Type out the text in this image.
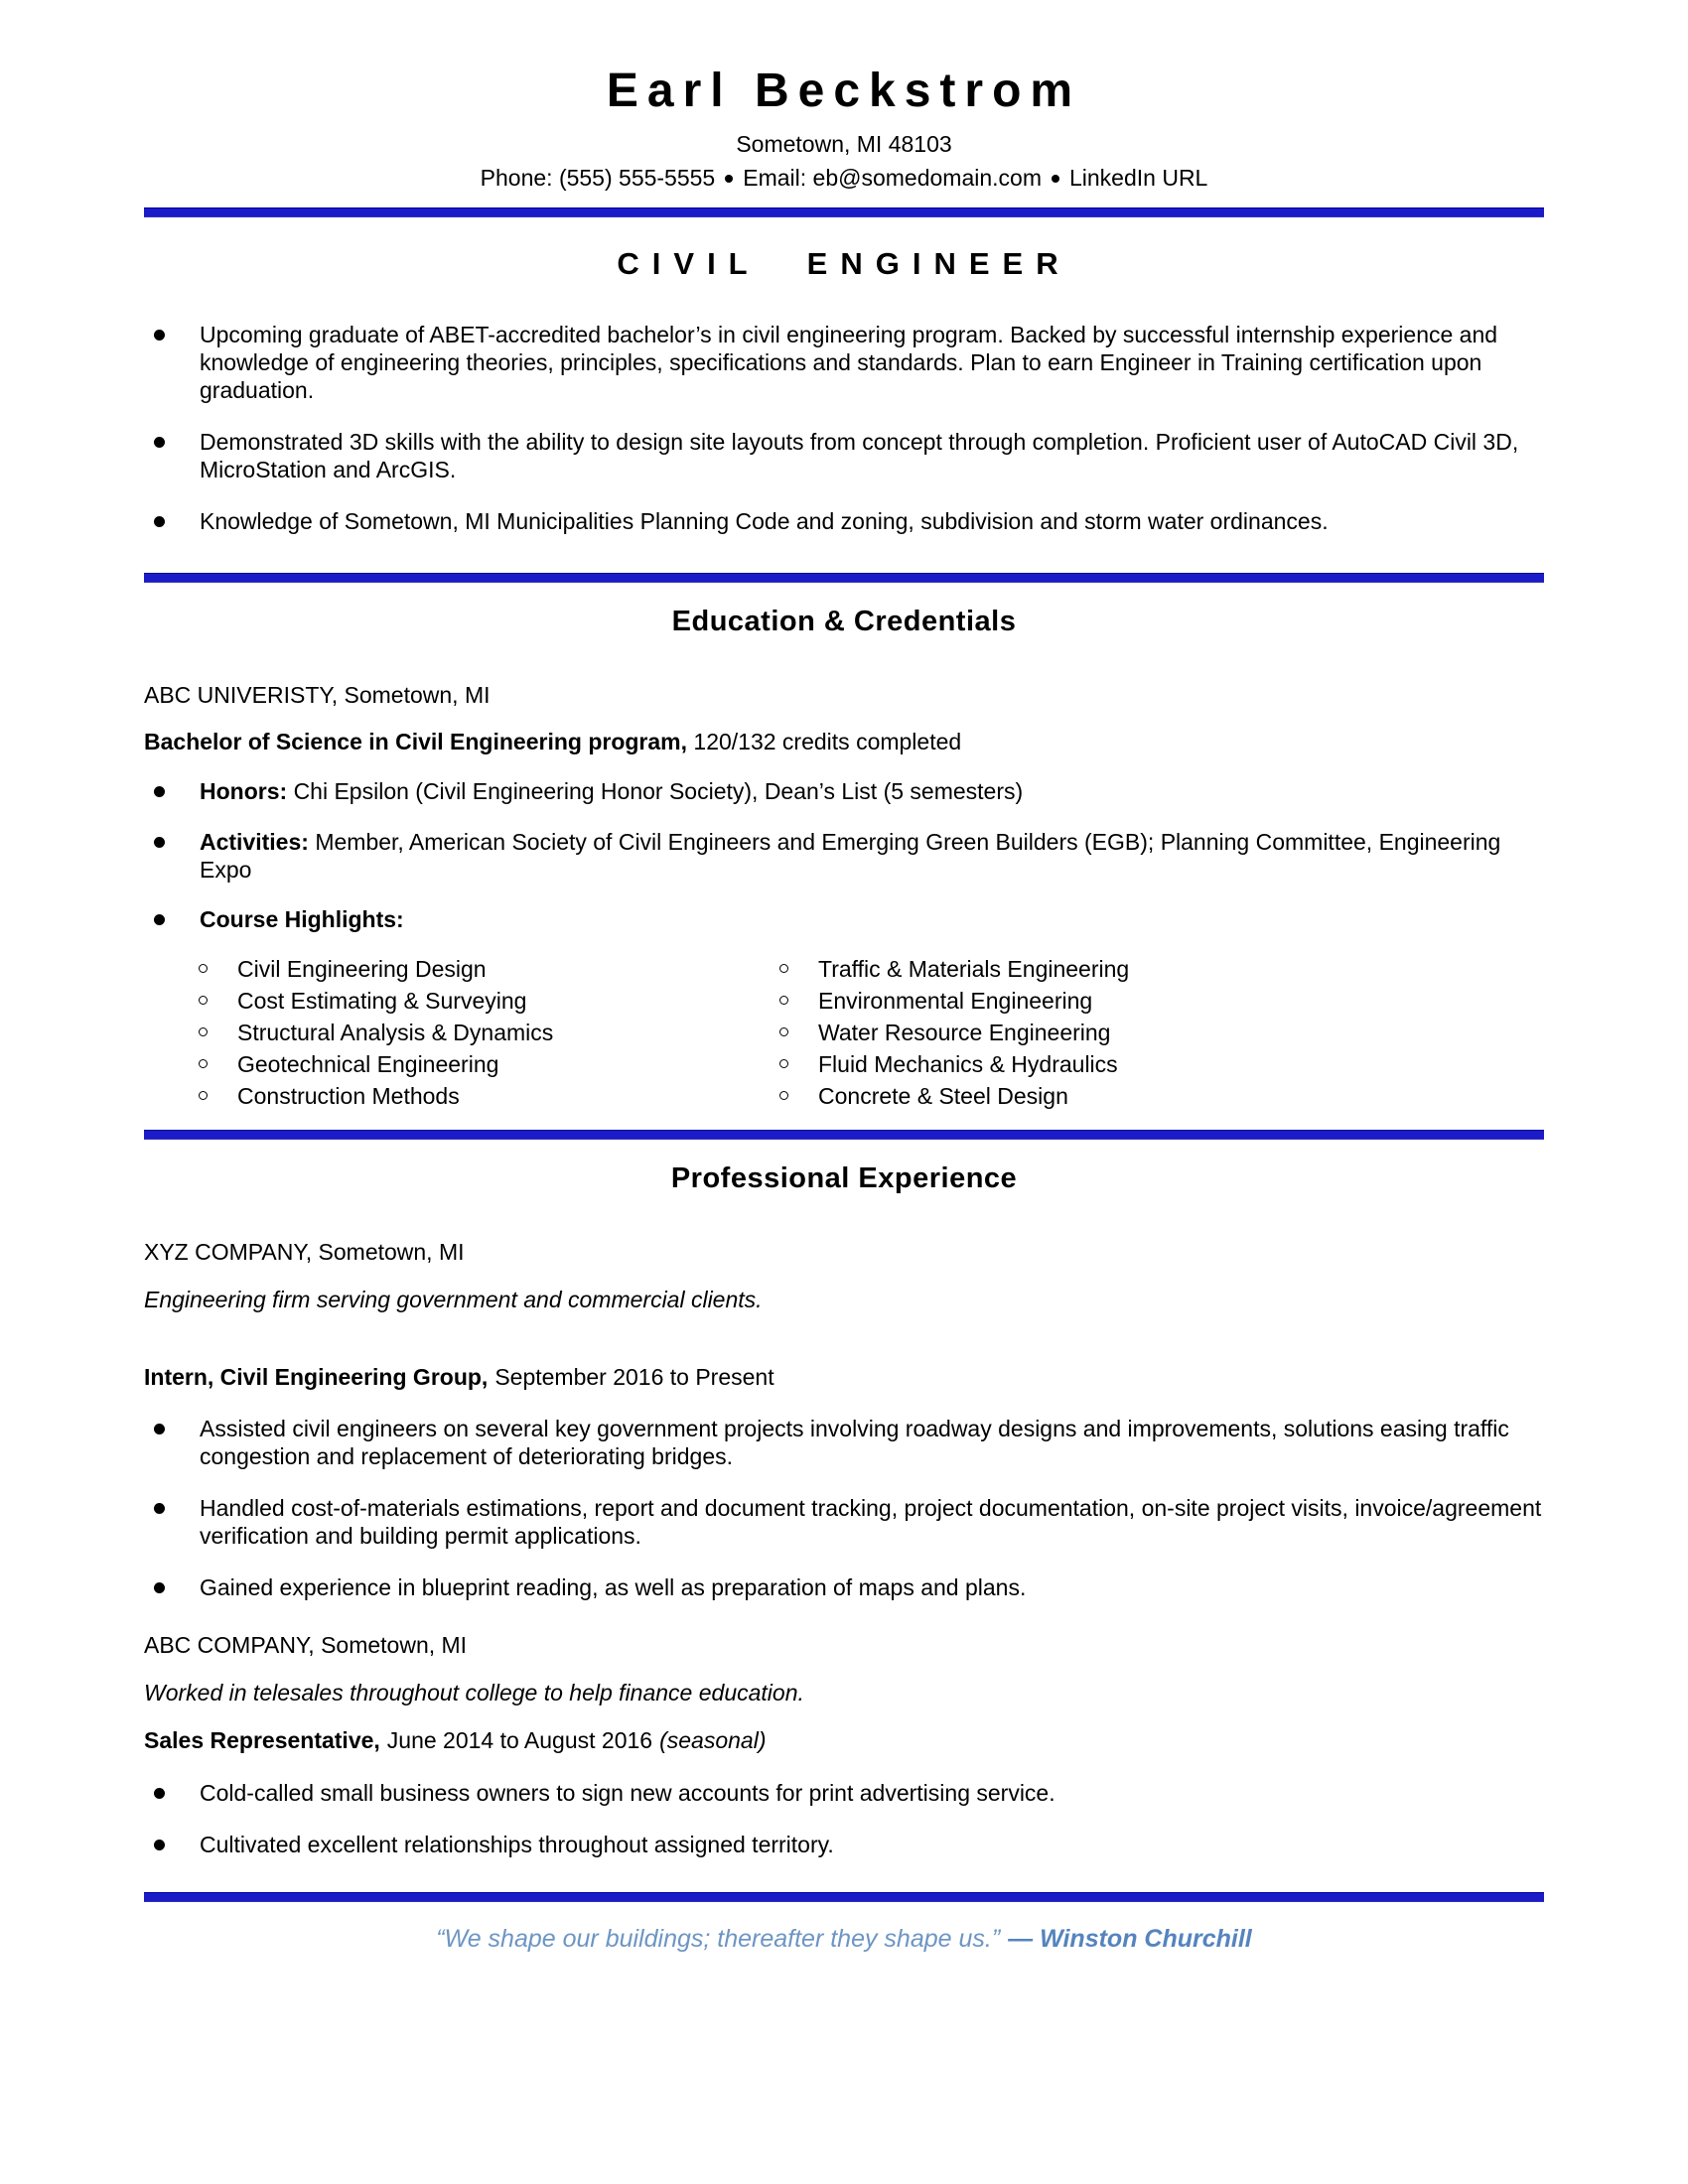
Earl Beckstrom
Sometown, MI 48103
Phone: (555) 555-5555 Email: eb@somedomain.com LinkedIn URL
CIVIL ENGINEER
Upcoming graduate of ABET-accredited bachelor’s in civil engineering program. Backed by successful internship experience and knowledge of engineering theories, principles, specifications and standards. Plan to earn Engineer in Training certification upon graduation.
Demonstrated 3D skills with the ability to design site layouts from concept through completion. Proficient user of AutoCAD Civil 3D, MicroStation and ArcGIS.
Knowledge of Sometown, MI Municipalities Planning Code and zoning, subdivision and storm water ordinances.
Education & Credentials
ABC UNIVERISTY, Sometown, MI
Bachelor of Science in Civil Engineering program, 120/132 credits completed
Honors: Chi Epsilon (Civil Engineering Honor Society), Dean’s List (5 semesters)
Activities: Member, American Society of Civil Engineers and Emerging Green Builders (EGB); Planning Committee, Engineering Expo
Course Highlights:
Civil Engineering Design
Cost Estimating & Surveying
Structural Analysis & Dynamics
Geotechnical Engineering
Construction Methods
Traffic & Materials Engineering
Environmental Engineering
Water Resource Engineering
Fluid Mechanics & Hydraulics
Concrete & Steel Design
Professional Experience
XYZ COMPANY, Sometown, MI
Engineering firm serving government and commercial clients.
Intern, Civil Engineering Group, September 2016 to Present
Assisted civil engineers on several key government projects involving roadway designs and improvements, solutions easing traffic congestion and replacement of deteriorating bridges.
Handled cost-of-materials estimations, report and document tracking, project documentation, on-site project visits, invoice/agreement verification and building permit applications.
Gained experience in blueprint reading, as well as preparation of maps and plans.
ABC COMPANY, Sometown, MI
Worked in telesales throughout college to help finance education.
Sales Representative, June 2014 to August 2016 (seasonal)
Cold-called small business owners to sign new accounts for print advertising service.
Cultivated excellent relationships throughout assigned territory.
“We shape our buildings; thereafter they shape us.” — Winston Churchill
